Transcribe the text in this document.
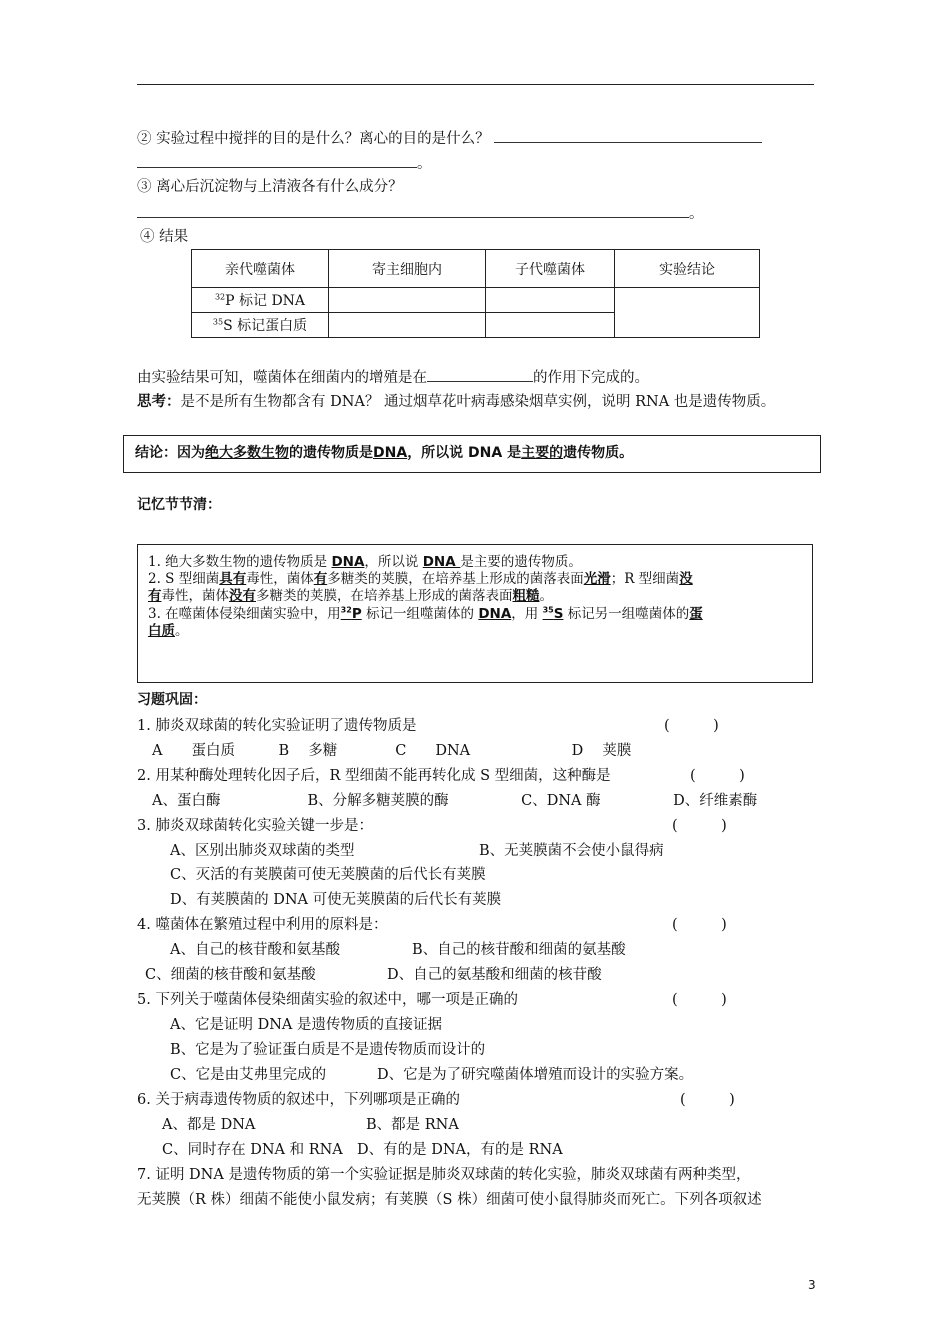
② 实验过程中搅拌的目的是什么？离心的目的是什么？
。
③ 离心后沉淀物与上清液各有什么成分？
。
④ 结果
亲代噬菌体	寄主细胞内	子代噬菌体	实验结论
$^{32}$P 标记 DNA			
$^{35}$S 标记蛋白质			
由实验结果可知，噬菌体在细菌内的增殖是在	的作用下完成的。
思考：是不是所有生物都含有 DNA？ 通过烟草花叶病毒感染烟草实例，说明 RNA 也是遗传物质。
结论：因为绝大多数生物的遗传物质是DNA，所以说 DNA 是主要的遗传物质。
记忆节节清：
1. 绝大多数生物的遗传物质是 DNA，所以说 DNA 是主要的遗传物质。
2. S 型细菌具有毒性，菌体有多糖类的荚膜，在培养基上形成的菌落表面光滑；R 型细菌没
有毒性，菌体没有多糖类的荚膜，在培养基上形成的菌落表面粗糙。
3. 在噬菌体侵染细菌实验中，用$^{32}$P 标记一组噬菌体的 DNA，用 $^{35}$S 标记另一组噬菌体的蛋
白质。
习题巩固：
1. 肺炎双球菌的转化实验证明了遗传物质是	(　　　)
A　　蛋白质　　　B　 多糖　　　　C　　DNA　　　　　　　D　 荚膜
2. 用某种酶处理转化因子后，R 型细菌不能再转化成 S 型细菌，这种酶是	(　　　)
A、蛋白酶　　　　　　B、分解多糖荚膜的酶　　　　　C、DNA 酶　　　　　D、纤维素酶
3. 肺炎双球菌转化实验关键一步是：	(　　　)
A、区别出肺炎双球菌的类型	B、无荚膜菌不会使小鼠得病
C、灭活的有荚膜菌可使无荚膜菌的后代长有荚膜
D、有荚膜菌的 DNA 可使无荚膜菌的后代长有荚膜
4. 噬菌体在繁殖过程中利用的原料是：	(　　　)
A、自己的核苷酸和氨基酸	B、自己的核苷酸和细菌的氨基酸
C、细菌的核苷酸和氨基酸	D、自己的氨基酸和细菌的核苷酸
5. 下列关于噬菌体侵染细菌实验的叙述中，哪一项是正确的	(　　　)
A、它是证明 DNA 是遗传物质的直接证据
B、它是为了验证蛋白质是不是遗传物质而设计的
C、它是由艾弗里完成的	D、它是为了研究噬菌体增殖而设计的实验方案。
6. 关于病毒遗传物质的叙述中，下列哪项是正确的	(　　　)
A、都是 DNA	B、都是 RNA
C、同时存在 DNA 和 RNA D、有的是 DNA，有的是 RNA
7. 证明 DNA 是遗传物质的第一个实验证据是肺炎双球菌的转化实验，肺炎双球菌有两种类型，
无荚膜（R 株）细菌不能使小鼠发病；有荚膜（S 株）细菌可使小鼠得肺炎而死亡。下列各项叙述
3
